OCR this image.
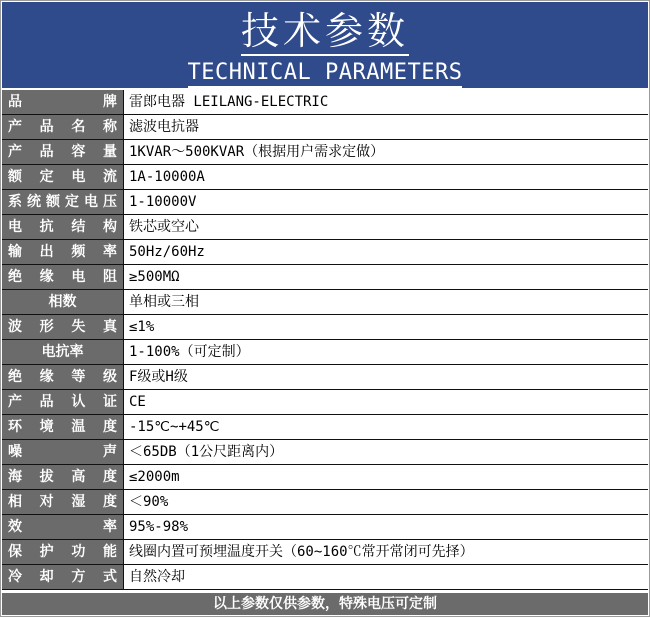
技术参数
TECHNICAL PARAMETERS
品　　牌 雷郎电器 LEILANG-ELECTRIC
产品名称 滤波电抗器
产品容量 1KVAR～500KVAR（根据用户需求定做）
额定电流 1A-10000A
系统额定电压 1-10000V
电抗结构 铁芯或空心
输出频率 50Hz/60Hz
绝缘电阻 ≥500MΩ
相数	单相或三相
波形失真 ≤1%
电抗率	1-100%（可定制）
绝缘等级 F级或H级
产品认证 CE
环境温度 -15℃~+45℃
噪　　声 ＜65DB（1公尺距离内）
海拔高度 ≤2000m
相对湿度 ＜90%
效　　率 95%-98%
保护功能 线圈内置可预埋温度开关（60~160℃常开常闭可先择）
冷却方式 自然冷却
以上参数仅供参数，特殊电压可定制
